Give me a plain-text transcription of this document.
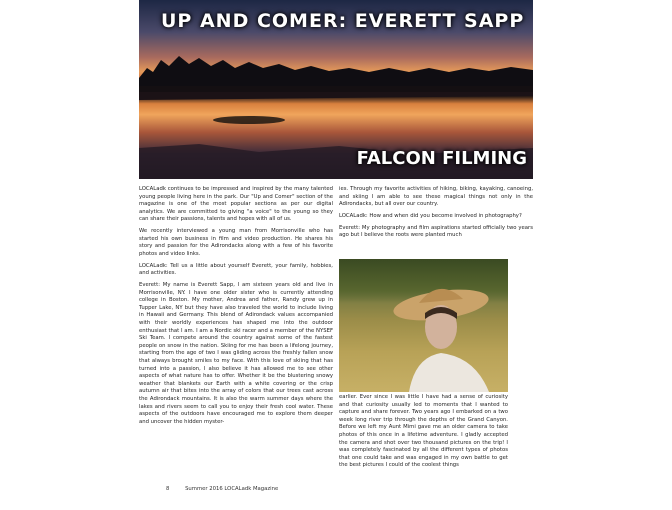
UP AND COMER: EVERETT SAPP
FALCON FILMING

LOCALadk continues to be impressed and inspired by the many talented young people living here in the park. Our "Up and Comer" section of the magazine is one of the most popular sections as per our digital analytics. We are committed to giving "a voice" to the young so they can share their passions, talents and hopes with all of us.

We recently interviewed a young man from Morrisonville who has started his own business in film and video production. He shares his story and passion for the Adirondacks along with a few of his favorite photos and video links.

LOCALadk: Tell us a little about yourself Everett, your family, hobbies, and activities.

Everett: My name is Everett Sapp, I am sixteen years old and live in Morrisonville, NY. I have one older sister who is currently attending college in Boston. My mother, Andrea and father, Randy grew up in Tupper Lake, NY but they have also traveled the world to include living in Hawaii and Germany. This blend of Adirondack values accompanied with their worldly experiences has shaped me into the outdoor enthusiast that I am. I am a Nordic ski racer and a member of the NYSEF Ski Team. I compete around the country against some of the fastest people on snow in the nation. Skiing for me has been a lifelong journey, starting from the age of two I was gliding across the freshly fallen snow that always brought smiles to my face. With this love of skiing that has turned into a passion, I also believe it has allowed me to see other aspects of what nature has to offer. Whether it be the blustering snowy weather that blankets our Earth with a white covering or the crisp autumn air that bites into the array of colors that our trees cast across the Adirondack mountains. It is also the warm summer days where the lakes and rivers seem to call you to enjoy their fresh cool water. These aspects of the outdoors have encouraged me to explore them deeper and uncover the hidden myster-

ies. Through my favorite activities of hiking, biking, kayaking, canoeing, and skiing I am able to see these magical things not only in the Adirondacks, but all over our country.

LOCALadk: How and when did you become involved in photography?

Everett: My photography and film aspirations started officially two years ago but I believe the roots were planted much

earlier. Ever since I was little I have had a sense of curiosity and that curiosity usually led to moments that I wanted to capture and share forever. Two years ago I embarked on a two week long river trip through the depths of the Grand Canyon. Before we left my Aunt Mimi gave me an older camera to take photos of this once in a lifetime adventure. I gladly accepted the camera and shot over two thousand pictures on the trip! I was completely fascinated by all the different types of photos that one could take and was engaged in my own battle to get the best pictures I could of the coolest things

8	Summer 2016 LOCALadk Magazine
